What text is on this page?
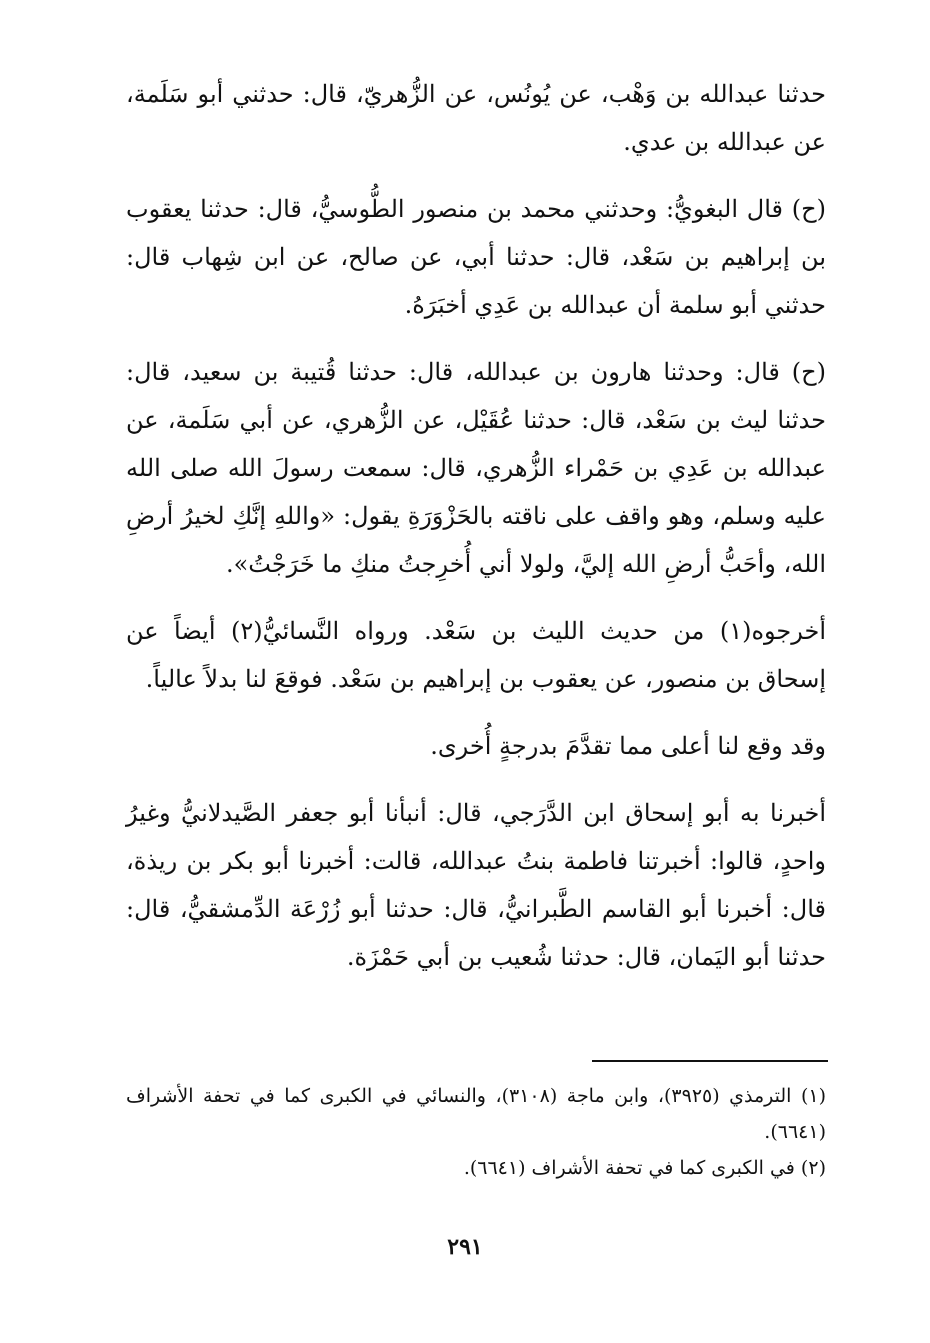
حدثنا عبدالله بن وَهْب، عن يُونُس، عن الزُّهريّ، قال: حدثني أبو سَلَمة، عن عبدالله بن عدي.

(ح) قال البغويُّ: وحدثني محمد بن منصور الطُّوسيُّ، قال: حدثنا يعقوب بن إبراهيم بن سَعْد، قال: حدثنا أبي، عن صالح، عن ابن شِهاب قال: حدثني أبو سلمة أن عبدالله بن عَدِي أخبَرَهُ.

(ح) قال: وحدثنا هارون بن عبدالله، قال: حدثنا قُتيبة بن سعيد، قال: حدثنا ليث بن سَعْد، قال: حدثنا عُقَيْل، عن الزُّهري، عن أبي سَلَمة، عن عبدالله بن عَدِي بن حَمْراء الزُّهري، قال: سمعت رسولَ الله صلى الله عليه وسلم، وهو واقف على ناقته بالحَزْوَرَةِ يقول: «واللهِ إنَّكِ لخيرُ أرضِ الله، وأحَبُّ أرضِ الله إليَّ، ولولا أني أُخرِجتُ منكِ ما خَرَجْتُ».

أخرجوه(١) من حديث الليث بن سَعْد. ورواه النَّسائيُّ(٢) أيضاً عن إسحاق بن منصور، عن يعقوب بن إبراهيم بن سَعْد. فوقعَ لنا بدلاً عالياً.

وقد وقع لنا أعلى مما تقدَّمَ بدرجةٍ أُخرى.

أخبرنا به أبو إسحاق ابن الدَّرَجي، قال: أنبأنا أبو جعفر الصَّيدلانيُّ وغيرُ واحدٍ، قالوا: أخبرتنا فاطمة بنتُ عبدالله، قالت: أخبرنا أبو بكر بن ريذة، قال: أخبرنا أبو القاسم الطَّبرانيُّ، قال: حدثنا أبو زُرْعَة الدِّمشقيُّ، قال: حدثنا أبو اليَمان، قال: حدثنا شُعيب بن أبي حَمْزَة.

(١) الترمذي (٣٩٢٥)، وابن ماجة (٣١٠٨)، والنسائي في الكبرى كما في تحفة الأشراف (٦٦٤١).

(٢) في الكبرى كما في تحفة الأشراف (٦٦٤١).

٢٩١
